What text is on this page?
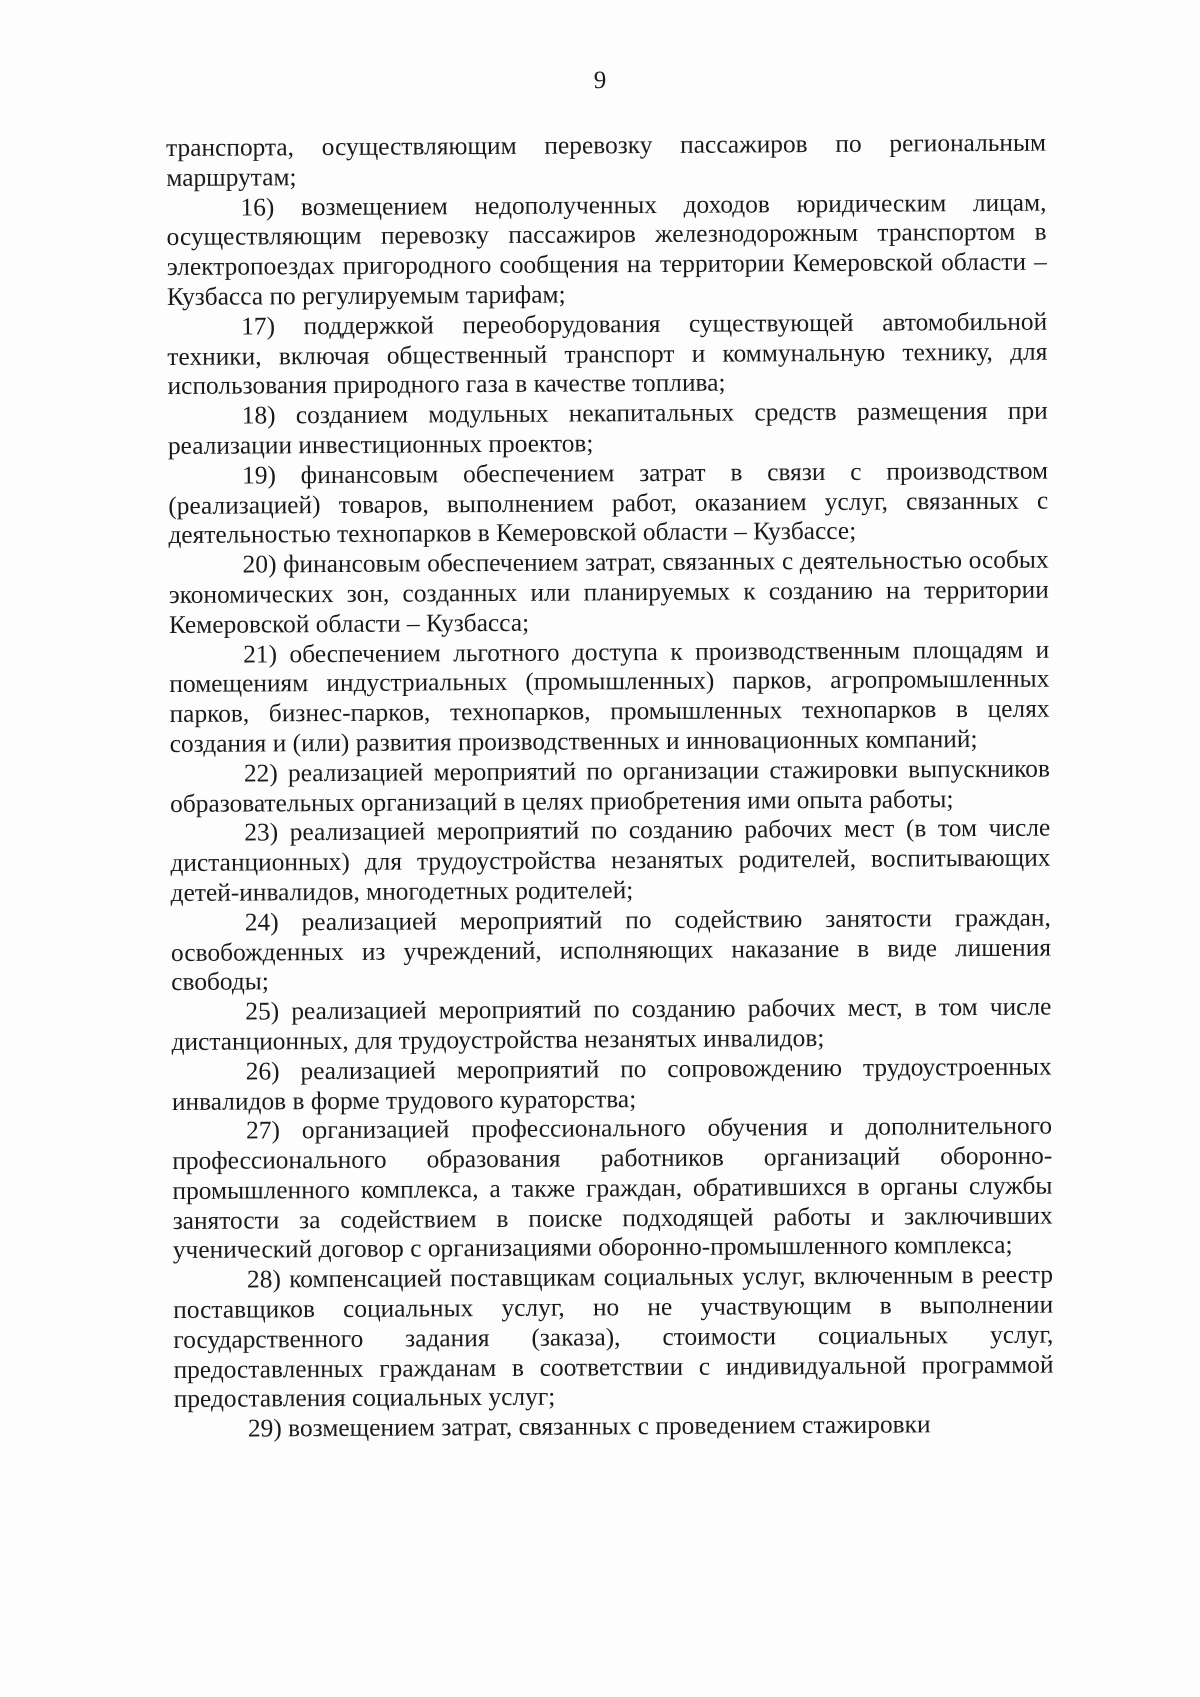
9

транспорта, осуществляющим перевозку пассажиров по региональным маршрутам;

16) возмещением недополученных доходов юридическим лицам, осуществляющим перевозку пассажиров железнодорожным транспортом в электропоездах пригородного сообщения на территории Кемеровской области – Кузбасса по регулируемым тарифам;

17) поддержкой переоборудования существующей автомобильной техники, включая общественный транспорт и коммунальную технику, для использования природного газа в качестве топлива;

18) созданием модульных некапитальных средств размещения при реализации инвестиционных проектов;

19) финансовым обеспечением затрат в связи с производством (реализацией) товаров, выполнением работ, оказанием услуг, связанных с деятельностью технопарков в Кемеровской области – Кузбассе;

20) финансовым обеспечением затрат, связанных с деятельностью особых экономических зон, созданных или планируемых к созданию на территории Кемеровской области – Кузбасса;

21) обеспечением льготного доступа к производственным площадям и помещениям индустриальных (промышленных) парков, агропромышленных парков, бизнес-парков, технопарков, промышленных технопарков в целях создания и (или) развития производственных и инновационных компаний;

22) реализацией мероприятий по организации стажировки выпускников образовательных организаций в целях приобретения ими опыта работы;

23) реализацией мероприятий по созданию рабочих мест (в том числе дистанционных) для трудоустройства незанятых родителей, воспитывающих детей-инвалидов, многодетных родителей;

24) реализацией мероприятий по содействию занятости граждан, освобожденных из учреждений, исполняющих наказание в виде лишения свободы;

25) реализацией мероприятий по созданию рабочих мест, в том числе дистанционных, для трудоустройства незанятых инвалидов;

26) реализацией мероприятий по сопровождению трудоустроенных инвалидов в форме трудового кураторства;

27) организацией профессионального обучения и дополнительного профессионального образования работников организаций оборонно-промышленного комплекса, а также граждан, обратившихся в органы службы занятости за содействием в поиске подходящей работы и заключивших ученический договор с организациями оборонно-промышленного комплекса;

28) компенсацией поставщикам социальных услуг, включенным в реестр поставщиков социальных услуг, но не участвующим в выполнении государственного задания (заказа), стоимости социальных услуг, предоставленных гражданам в соответствии с индивидуальной программой предоставления социальных услуг;

29) возмещением затрат, связанных с проведением стажировки
